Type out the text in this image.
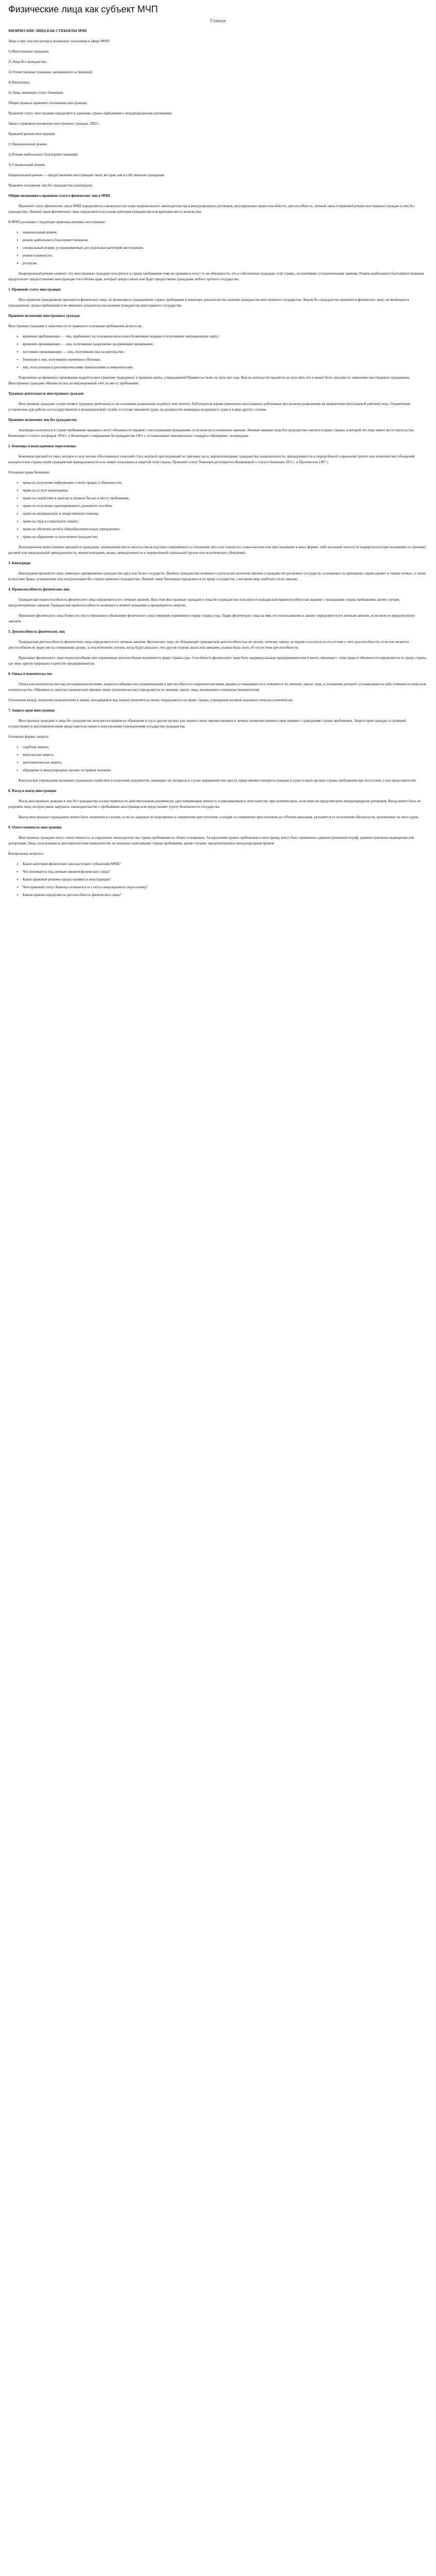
Физические лица как субъект МЧП
Главная

ФИЗИЧЕСКИЕ ЛИЦА КАК СУБЪЕКТЫ МЧП

Лица и при участии которых возникают отношения в сфере МЧП:

1) Иностранные граждане;

2) Лица без гражданства;

3) Отечественные граждане, находящиеся за границей;

4) Бипатриды;

5) Лица, имеющие статус беженцев.

Общие правила правового положения иностранцев:

Правовой статус иностранцев определяется законами страны пребывания и международными договорами.

Закон о правовом положении иностранных граждан, 2002 г.

Правовой режим иностранцев:

1) Национальный режим;

2) Режим наибольшего благоприятствования;

3) Специальный режим.

Национальный режим — предоставление иностранцам таких же прав, как и собственным гражданам.

Правовое положение лиц без гражданства (апатридов):

Общие положения о правовом статусе физических лиц в МЧП

Правовой статус физических лиц в МЧП определяется совокупностью норм национального законодательства и международных договоров, регулирующих правоспособность, дееспособность, личный закон и правовой режим иностранных граждан и лиц без гражданства. Личный закон физического лица определяется на основе критерия гражданства или критерия места жительства.

В МЧП различают следующие правовые режимы иностранцев:

• национальный режим;
• режим наибольшего благоприятствования;
• специальный режим, устанавливаемый для отдельных категорий иностранцев;
• режим взаимности;
• реторсии.

Национальный режим означает, что иностранные граждане пользуются в стране пребывания теми же правами и несут те же обязанности, что и собственные граждане этой страны, за изъятиями, установленными законом. Режим наибольшего благоприятствования предполагает предоставление иностранцам того объёма прав, который предоставлен или будет предоставлен гражданам любого третьего государства.

1. Правовой статус иностранцев

Иностранным гражданином признаётся физическое лицо, не являющееся гражданином страны пребывания и имеющее доказательства наличия гражданства иностранного государства. Лицом без гражданства признаётся физическое лицо, не являющееся гражданином страны пребывания и не имеющее доказательства наличия гражданства иностранного государства.

Правовое положение иностранных граждан

Иностранные граждане в зависимости от правового основания пребывания делятся на:

• временно пребывающих — лиц, прибывших на основании визы или в безвизовом порядке и получивших миграционную карту;
• временно проживающих — лиц, получивших разрешение на временное проживание;
• постоянно проживающих — лиц, получивших вид на жительство;
• беженцев и лиц, получивших временное убежище;
• лиц, пользующихся дипломатическими привилегиями и иммунитетами.

Разрешение на временное проживание выдаётся иностранному гражданину в пределах квоты, утверждаемой Правительством, на срок три года. Вид на жительство выдаётся на срок пять лет и может быть продлён по заявлению иностранного гражданина. Иностранные граждане обязаны встать на миграционный учёт по месту пребывания.

Трудовая деятельность иностранных граждан

Иностранные граждане осуществляют трудовую деятельность на основании разрешения на работу или патента. Работодатель вправе привлекать иностранных работников при наличии разрешения на привлечение иностранной рабочей силы. Ограничения установлены для работы на государственной и муниципальной службе, в составе экипажей судов, на должностях командира воздушного судна и в ряде других случаев.

Правовое положение лиц без гражданства

Апатриды пользуются в стране пребывания правами и несут обязанности наравне с иностранными гражданами, если иное не установлено законом. Личным законом лица без гражданства считается право страны, в которой это лицо имеет место жительства. Конвенция о статусе апатридов 1954 г. и Конвенция о сокращении безгражданства 1961 г. устанавливают минимальные стандарты обращения с апатридами.

2. Беженцы и вынужденные переселенцы

Беженцем признаётся лицо, которое в силу вполне обоснованных опасений стать жертвой преследований по признаку расы, вероисповедания, гражданства, национальности, принадлежности к определённой социальной группе или политических убеждений находится вне страны своей гражданской принадлежности и не может пользоваться защитой этой страны. Правовой статус беженцев регулируется Конвенцией о статусе беженцев 1951 г. и Протоколом 1967 г.

Основные права беженцев:

• право на получение информации о своих правах и обязанностях;
• право на услуги переводчика;
• право на содействие в проезде и провозе багажа к месту пребывания;
• право на получение единовременного денежного пособия;
• право на медицинскую и лекарственную помощь;
• право на труд и социальную защиту;
• право на обучение детей в общеобразовательных учреждениях;
• право на обращение за получением гражданства.

Вынужденным переселенцем признаётся гражданин, покинувший место жительства вследствие совершённого в отношении него или членов его семьи насилия или преследования в иных формах либо реальной опасности подвергнуться преследованию по признаку расовой или национальной принадлежности, вероисповедания, языка, принадлежности к определённой социальной группе или политических убеждений.

3. Бипатриды

Бипатридом признаётся лицо, имеющее одновременно гражданство двух или более государств. Двойное гражданство возникает в результате коллизии законов о гражданстве различных государств, основанных на принципах «права крови» и «права почвы», а также вследствие брака, усыновления или натурализации без утраты прежнего гражданства. Личный закон бипатрида определяется по праву государства, с которым лицо наиболее тесно связано.

4. Правоспособность физических лиц

Гражданская правоспособность физического лица определяется его личным законом. При этом иностранные граждане и лица без гражданства пользуются гражданской правоспособностью наравне с гражданами страны пребывания, кроме случаев, предусмотренных законом. Гражданская правоспособность возникает в момент рождения и прекращается смертью.

Признание физического лица безвестно отсутствующим и объявление физического лица умершим подчиняются праву страны суда. Право физического лица на имя, его использование и защиту определяется его личным законом, если иное не предусмотрено законом.

5. Дееспособность физических лиц

Гражданская дееспособность физического лица определяется его личным законом. Физическое лицо, не обладающее гражданской дееспособностью по своему личному закону, не вправе ссылаться на отсутствие у него дееспособности, если оно является дееспособным по праву места совершения сделки, за исключением случаев, когда будет доказано, что другая сторона знала или заведомо должна была знать об отсутствии дееспособности.

Признание физического лица недееспособным или ограниченно дееспособным подчиняется праву страны суда. Способность физического лица быть индивидуальным предпринимателем и иметь связанные с этим права и обязанности определяется по праву страны, где лицо зарегистрировано в качестве предпринимателя.

6. Опека и попечительство

Опека или попечительство над несовершеннолетними, недееспособными или ограниченными в дееспособности совершеннолетними лицами устанавливается и отменяется по личному закону лица, в отношении которого устанавливается либо отменяется опека или попечительство. Обязанность опекуна (попечителя) принять опеку (попечительство) определяется по личному закону лица, назначаемого опекуном (попечителем).

Отношения между опекуном (попечителем) и лицом, находящимся под опекой (попечительством), определяются по праву страны, учреждение которой назначило опекуна (попечителя).

7. Защита прав иностранцев

Иностранные граждане и лица без гражданства пользуются правом на обращение в суд и другие органы для защиты своих имущественных и личных неимущественных прав наравне с гражданами страны пребывания. Защита прав граждан за границей осуществляется дипломатическими представительствами и консульскими учреждениями государства гражданства.

Основные формы защиты:

• судебная защита;
• консульская защита;
• дипломатическая защита;
• обращение в международные органы по правам человека.

Консульские учреждения оказывают гражданам содействие в получении документов, защищают их интересы в случае задержания или ареста, представляют интересы граждан в судах и иных органах страны пребывания при отсутствии у них представителей.

8. Въезд и выезд иностранцев

Въезд иностранных граждан и лиц без гражданства осуществляется по действительным документам, удостоверяющим личность и признаваемым в этом качестве, при наличии визы, если иное не предусмотрено международным договором. Въезд может быть не разрешён лицу, которое ранее нарушало законодательство о пребывании иностранцев или представляет угрозу безопасности государства.

Выезд иностранного гражданина может быть ограничен в случаях, если он задержан по подозрению в совершении преступления, осуждён за совершение преступления до отбытия наказания, уклоняется от исполнения обязательств, наложенных на него судом.

9. Ответственность иностранцев

Иностранные граждане несут ответственность за нарушение законодательства страны пребывания на общих основаниях. За нарушение правил пребывания к иностранцу могут быть применены административный штраф, административное выдворение или депортация. Лица, пользующиеся дипломатическим иммунитетом, не подлежат юрисдикции страны пребывания, кроме случаев, предусмотренных международным правом.

Контрольные вопросы:

• Какие категории физических лиц выступают субъектами МЧП?
• Что понимается под личным законом физического лица?
• Какие правовые режимы предоставляются иностранцам?
• Чем правовой статус беженца отличается от статуса вынужденного переселенца?
• Каким правом определяется дееспособность физического лица?
